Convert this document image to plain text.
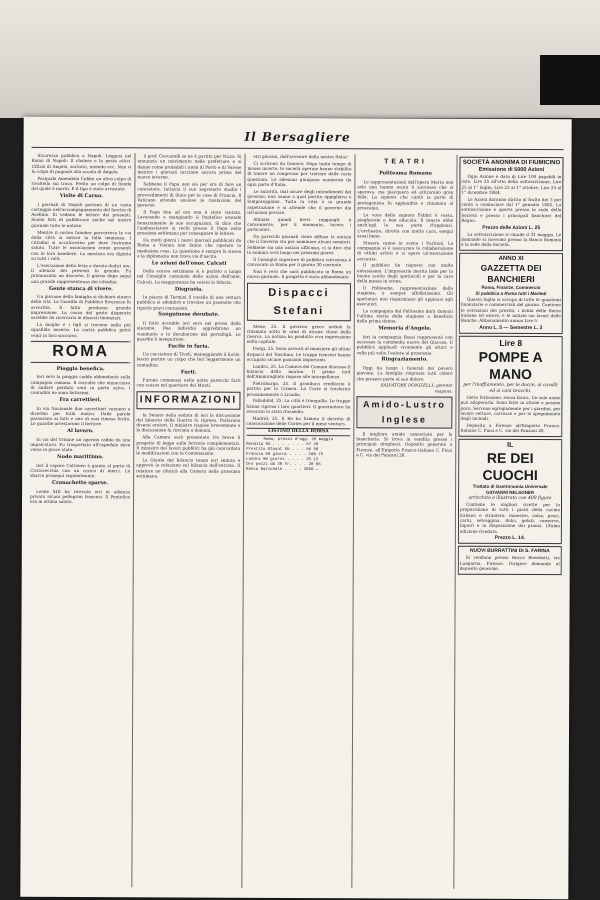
Il Bersagliere

Sicurezza pubblica a Napoli. Leggesi nel Roma di Napoli: Il cholera e la peste attivi. Uffizio di Angelo, sartoria, intendo ecc. Non vi fu colpo di pugnale alla scuola di Angelo.

Pasquale Amendola Cobbo un altro colpo di rivoltella sul trava. Ferito un colpo di fionda del quale è morto. E il tipo è stato arrestato.

Visite di Caruo.

I giornali di Napoli portano di un vasto corteggio nell'accompagnamento del feretro di Avellino. Si vedono le lettere dei presenti. Siamo lieti di pubblicare anche nel nostro giornale tutte le notizie.

Mentre il corteo funebre percorreva le vie della città si notava la folla immensa. I cittadini si accalcavano per dare l'estremo saluto. Tutte le associazioni erano presenti con le loro bandiere. La mestizia era dipinta su tutti i volti.

L'esecuzione della festa e durata dodici ore. Il silenzio dei presenti fu grande. Fu pronunziato un discorso. Il giorno dopo seguì una grande rappresentanza dei cittadini.

Gente stanca di vivere.

Un giovane della famiglia si dichiarò stanco della vita. La Guardia di Pubblica Sicurezza fu avvertita. Il fatto produsse grande impressione. La causa del gesto disperato sarebbe da ricercarsi in dissesti finanziari.

La moglie e i figli si trovano nella più squallida miseria. La carità pubblica potrà venir in loro soccorso.

ROMA

Pioggia benefica.

Ieri sera la pioggia cadde abbondante sulla campagna romana. Il raccolto che minacciava di andare perduto sarà in parte salvo. I contadini ne sono lietissimi.

Fra carrettieri.

In via Nazionale due carrettieri vennero a diverbio per futili motivi. Dalle parole passarono ai fatti e uno di essi rimase ferito. Le guardie arrestarono il feritore.

Al lavoro.

In via del Tritone un operaio cadde da una impalcatura. Fu trasportato all'ospedale dove versa in grave stato.

Nodo marittimo.

Ieri il vapore Cattaneo è giunto al porto di Civitavecchia con un carico di merci. Lo sbarco proseguì regolarmente.

Cronachette sparse.

Leone XIII ha ricevuto ieri in udienza privata alcuni pellegrini francesi. Il Pontefice era in ottima salute.

il prof. Ceccarelli se ne è partito per Nizza. Si annunzia un movimento nelle prefetture e si danno come probabili i nomi di Porto e di Varese mentre i giornali tacciono ancora prima del nuovo inverno.

Sebbene il Papa non sia per ora di fare un concistoro, tuttavia il suo segretario studia i provvedimenti di Stato per le cose di Francia. Il Vaticano attende ansioso le risoluzioni del governo.

Il Papa fino ad ora non è stato visitato. Lavorando e mangiando il Pontefice attende bonariamente le sue occupazioni. Si dice che l'ambasciatore si rechi presso il Papa nella prossima settimana per consegnare le lettere.

Da molti giorni i nuovi giornali pubblicati da Roma a Vienna non fanno che ripetere la medesima cosa. La questione è sempre la stessa e la diplomazia non trova via d'uscita.

Le azioni dell'onor. Calcati

Della scorsa settimana si è parlato a lungo nel Consiglio comunale delle azioni dell'onor. Calcati. La maggioranza ha votato la fiducia.

Disgrazia.

In piazza di Termini il cavallo di una vettura pubblica si adombrò e travolse un passante che riportò gravi contusioni.

Sanguinose derubate.

Il fatto accadde ieri sera nei pressi della stazione. Due individui aggredirono un viandante e lo derubarono del portafogli. Le guardie li inseguirono.

Fucile in furia.

Un cacciatore di Tivoli, maneggiando il fucile, lasciò partire un colpo che ferì leggermente un contadino.

Furti.

Furono commessi nella notte parecchi furti con scasso nel quartiere dei Monti.

INFORMAZIONI

In Senato nella seduta di ieri la discussione del bilancio della Guerra fu ripresa. Parlarono diversi oratori. Il ministro rispose brevemente e la discussione fu rinviata a domani.

Alla Camera sarà presentato fra breve il progetto di legge sulle ferrovie complementari. Il ministro dei lavori pubblici ha già concordato le modificazioni con la Commissione.

La Giunta del bilancio tenne ieri seduta e approvò la relazione sul bilancio dell'entrata. Il relatore ne riferirà alla Camera nella prossima settimana.

stri giovani, dell'avvenire della nostra Italia!

Ci scrivono da Genova: Dopo tanto tempo di mosse incerte, le società operaie hanno stabilito di tenere un congresso per trattare delle varie questioni. Le adesioni giungono numerose da ogni parte d'Italia.

Le autorità, mal sicure degli intendimenti del governo, non sanno a qual partito appigliarsi e temporeggiano. Tutta la città è in grande aspettazione e si attende che il governo dia istruzioni precise.

Abbiate quindi brevi ragguagli: è conveniente, per il momento, tacere i particolari.

Da parecchi giornali viene diffusa la notizia che il Governo sta per nominare alcuni senatori. Sebbene sia una notizia ufficiosa, ci si dice che la nomina avrà luogo nei prossimi giorni.

Il Consiglio superiore di pubblica istruzione è convocato in Roma per il giorno 30 corrente.

Non è vero che sarà pubblicato in Roma un nuovo giornale. Il progetto è stato abbandonato.

Dispacci Stefani

Atene, 25. Il governo greco ordinò la chiamata sotto le armi di alcune classi della riserva. La notizia ha prodotto viva impressione nella capitale.

Parigi, 25. Sono arrivati al ministero gli ultimi dispacci del Tonchino. Le truppe francesi hanno occupato alcune posizioni importanti.

Londra, 25. La Camera dei Comuni discusse il bilancio della marina. Il primo lord dell'Ammiragliato rispose alle interpellanze.

Pietroburgo, 25. Il granduca ereditario è partito per la Crimea. La Corte si trasferirà prossimamente a Livadia.

Valladolid, 25. La città è tranquilla. Le truppe hanno ripreso i loro quartieri. Il governatore ha revocato lo stato d'assedio.

Madrid, 25. Il Re ha firmato il decreto di convocazione delle Cortes per il mese venturo.

LISTINO DELLA BORSA
Roma, prezzi d'ogg. 26 maggio
Rendita 5% . . . . . . . 97 20
Prestito Blount 5% . . . 96 50
Francia 90 giorni . . . . 100 75
Londra 90 giorni . . . . 25 12
Oro pezzi da 20 fr. . . . 20 06
Banca Nazionale . . . . 2050 —
TEATRI

Politeama Romano

Le rappresentazioni dell'opera Marta non solo non hanno avuto il successo che si sperava, ma piacquero ed attirarono gran folla. La signora che cantò la parte di protagonista fu applaudita e chiamata al proscenio.

La voce della signora Fabbri è vasta, pieghevole e ben educata. Il tenore ebbe anch'egli la sua parte d'applausi. L'orchestra, diretta con molta cura, eseguì assai bene.

Stasera vanno in scena i Puritani. La compagnia si è assicurata la collaborazione di ottimi artisti e si spera un'esecuzione accurata.

Il pubblico ha risposto con molto entusiasmo. L'impresario merita lode per la buona scelta degli spettacoli e per la cura della messa in scena.

Il Politeama, rappresentazione della stagione, è sempre affollatissimo. Gli spettatori non risparmiano gli applausi agli esecutori.

La compagnia del Politeama darà domani l'ultima recita della stagione a beneficio della prima donna.

Memoria d'Angelo.

Ieri la compagnia Rossi rappresentò con successo la commedia nuova del Giacosa. Il pubblico applaudì vivamente gli attori e volle più volte l'autore al proscenio.

Ringraziamento.

Oggi ha luogo i funerali del povero giovane. La famiglia ringrazia tutti coloro che presero parte al suo dolore.

SALVATORE DONIZELLI, gerente respons.

Amido-Lustro Inglese

Il migliore amido conosciuto per la biancheria. Si trova in vendita presso i principali droghieri. Deposito generale a Firenze, all'Emporio Franco-Italiano C. Finzi e C. via dei Panzani 28.

SOCIETÀ ANONIMA DI FIUMICINO
Emissione di 5000 Azioni

Ogni Azione è data di Lire 100 pagabili in rate. Lire 25 all'atto della sottoscrizione, Lire 25 al 1° luglio, Lire 25 al 1° ottobre, Lire 25 al 1° dicembre 1884.

Le Azioni daranno diritto al frutto del 5 per cento a cominciare dal 1° gennaio 1885. La sottoscrizione è aperta presso la sede della Società e presso i principali banchieri del Regno.

Prezzo delle Azioni L. 25

La sottoscrizione si chiude il 31 maggio. Le domande si ricevono presso la Banca Romana e la sede della Società.

ANNO XI
GAZZETTA DEI BANCHIERI
Roma, Finanze, Commercio
Si pubblica a Roma tutti i Martedì

Questo foglio si occupa di tutte le questioni finanziarie e commerciali del giorno. Contiene le estrazioni dei prestiti, i listini delle Borse italiane ed estere, e le notizie sui lavori delle Banche. Abbonamento annuo Lire 5.

Anno L. 5 — Semestre L. 3
Lire 8
POMPE A MANO
per l'inaffiamento, per le docce, ai cavalli ed ai cani bracchi.

Getto fortissimo, senza fatica. Un solo uomo può adoperarla. Sono fatte in ottone e pesano poco. Servono egregiamente per i giardini, per lavare vetture, carrozze e per lo spegnimento degli incendi.

Deposito a Firenze all'Emporio Franco-Italiano C. Finzi e C. via dei Panzani 28.

IL
RE DEI CUOCHI
Trattato di Gastronomia Universale
GIOVANNI NELSONER
arricchito e illustrato con 400 figure

Contiene le migliori ricette per la preparazione di tutti i piatti della cucina italiana e straniera: minestre, salse, pesci, carni, selvaggina, dolci, gelati, conserve, liquori e la disposizione dei pranzi. Ultima edizione riveduta.

Prezzo L. 14.
NUOVI BURRATTINI DI S. FARINA

Si vendono presso Rocco Benedetti, via Lungarno, Firenze. Dirigere domande al deposito generale.
